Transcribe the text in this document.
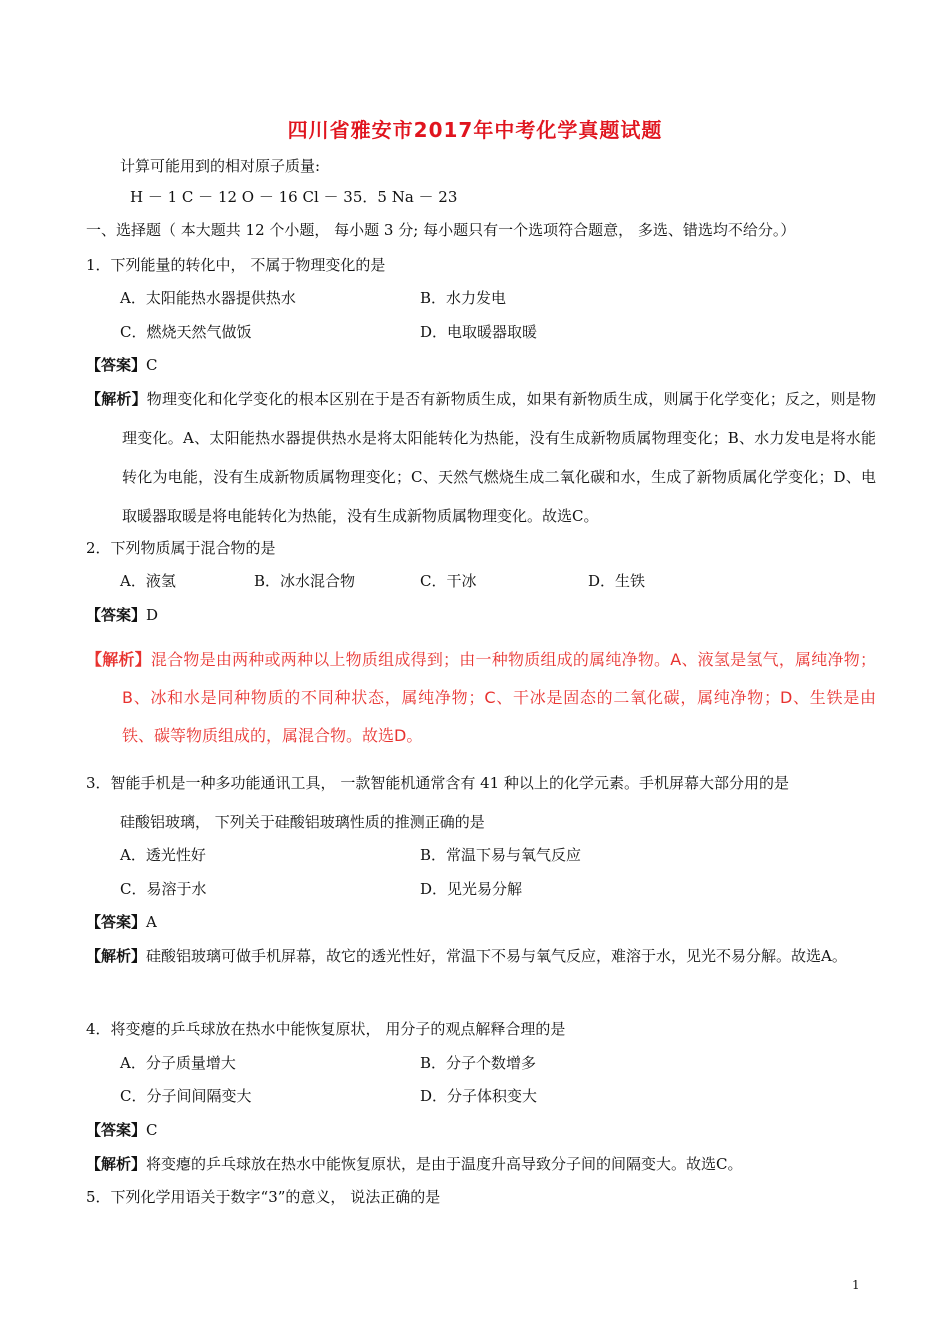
四川省雅安市2017年中考化学真题试题
计算可能用到的相对原子质量:
H － 1 C － 12 O － 16 Cl － 35．5 Na － 23
一、选择题（ 本大题共 12 个小题， 每小题 3 分; 每小题只有一个选项符合题意， 多选、错选均不给分。）
1．下列能量的转化中， 不属于物理变化的是
A．太阳能热水器提供热水	B．水力发电
C．燃烧天然气做饭	D．电取暖器取暖
【答案】C
【解析】物理变化和化学变化的根本区别在于是否有新物质生成，如果有新物质生成，则属于化学变化；反之，则是物理变化。A、太阳能热水器提供热水是将太阳能转化为热能，没有生成新物质属物理变化；B、水力发电是将水能转化为电能，没有生成新物质属物理变化；C、天然气燃烧生成二氧化碳和水，生成了新物质属化学变化；D、电取暖器取暖是将电能转化为热能，没有生成新物质属物理变化。故选C。
2．下列物质属于混合物的是
A．液氢	B．冰水混合物	C．干冰	D．生铁
【答案】D
【解析】混合物是由两种或两种以上物质组成得到；由一种物质组成的属纯净物。A、液氢是氢气，属纯净物；B、冰和水是同种物质的不同种状态，属纯净物；C、干冰是固态的二氧化碳，属纯净物；D、生铁是由铁、碳等物质组成的，属混合物。故选D。
3．智能手机是一种多功能通讯工具， 一款智能机通常含有 41 种以上的化学元素。手机屏幕大部分用的是
硅酸铝玻璃， 下列关于硅酸铝玻璃性质的推测正确的是
A．透光性好	B．常温下易与氧气反应
C．易溶于水	D．见光易分解
【答案】A
【解析】硅酸铝玻璃可做手机屏幕，故它的透光性好，常温下不易与氧气反应，难溶于水，见光不易分解。故选A。
4．将变瘪的乒乓球放在热水中能恢复原状， 用分子的观点解释合理的是
A．分子质量增大	B．分子个数增多
C．分子间间隔变大	D．分子体积变大
【答案】C
【解析】将变瘪的乒乓球放在热水中能恢复原状，是由于温度升高导致分子间的间隔变大。故选C。
5．下列化学用语关于数字“3”的意义， 说法正确的是
1
